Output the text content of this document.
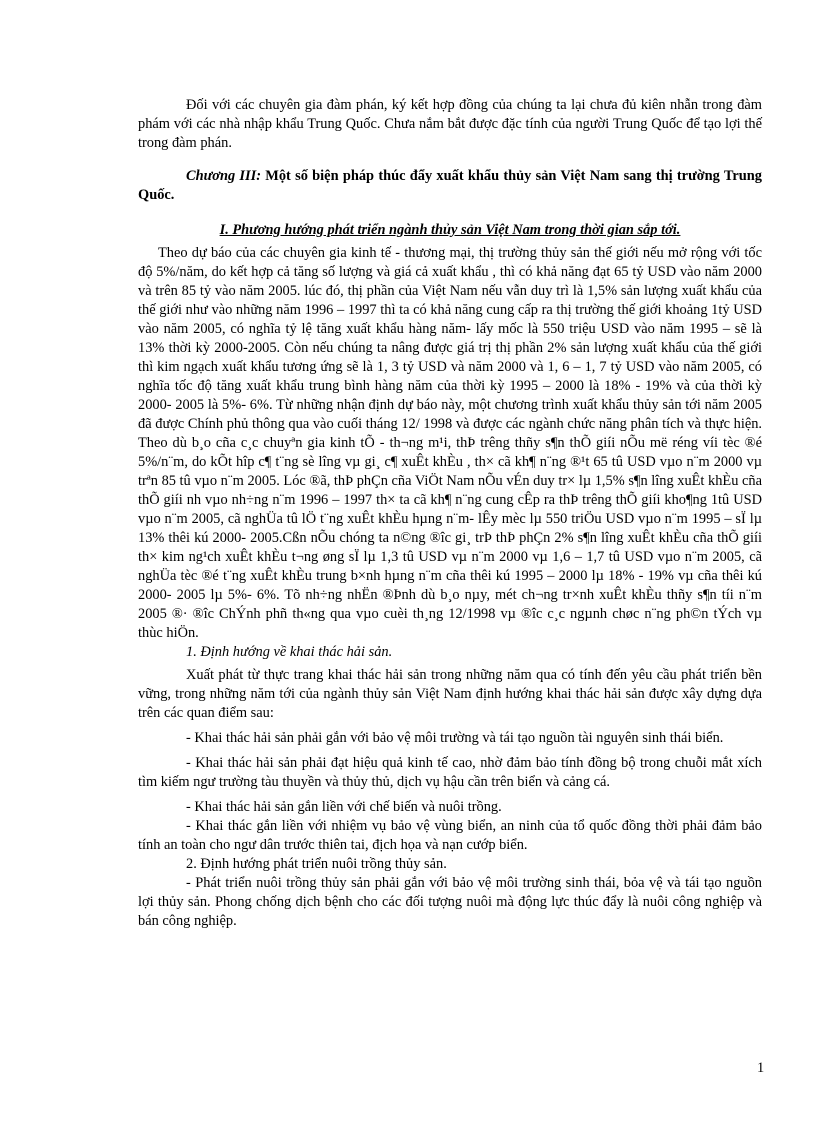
Đối với các chuyên gia đàm phán, ký kết hợp đồng của chúng ta lại chưa đủ kiên nhẫn trong đàm phám với các nhà nhập khẩu Trung Quốc. Chưa nắm bắt được đặc tính của người Trung Quốc để tạo lợi thế trong đàm phán.

Chương III: Một số biện pháp thúc đẩy xuất khẩu thủy sản Việt Nam sang thị trường Trung Quốc.

I. Phương hướng phát triển ngành thủy sản Việt Nam trong thời gian sắp tới.

Theo dự báo của các chuyên gia kinh tế - thương mại, thị trường thủy sản thế giới nếu mở rộng với tốc độ 5%/năm, do kết hợp cả tăng số lượng và giá cả xuất khẩu , thì có khả năng đạt 65 tỷ USD vào năm 2000 và trên 85 tỷ vào năm 2005. lúc đó, thị phần của Việt Nam nếu vẫn duy trì là 1,5% sản lượng xuất khẩu của thế giới như vào những năm 1996 – 1997 thì ta có khả năng cung cấp ra thị trường thế giới khoảng 1tỷ USD vào năm 2005, có nghĩa tỷ lệ tăng xuất khẩu hàng năm- lấy mốc là 550 triệu USD vào năm 1995 – sẽ là 13% thời kỳ 2000-2005. Còn nếu chúng ta nâng được giá trị thị phần 2% sản lượng xuất khẩu của thế giới thì kim ngạch xuất khẩu tương ứng sẽ là 1, 3 tỷ USD và năm 2000 và 1, 6 – 1, 7 tỷ USD vào năm 2005, có nghĩa tốc độ tăng xuất khẩu trung bình hàng năm của thời kỳ 1995 – 2000 là 18% - 19% và của thời kỳ 2000- 2005 là 5%- 6%. Từ những nhận định dự báo này, một chương trình xuất khẩu thủy sản tới năm 2005 đã được Chính phủ thông qua vào cuối tháng 12/ 1998 và được các ngành chức năng phân tích và thực hiện. Theo dù b¸o cña c¸c chuyªn gia kinh tÕ - th¬ng m¹i, thÞ trêng thñy s¶n thÕ giíi nÕu më réng víi tèc ®é 5%/n¨m, do kÕt hîp c¶ t¨ng sè lîng vµ gi¸ c¶ xuÊt khÈu , th× cã kh¶ n¨ng ®¹t 65 tû USD vµo n¨m 2000 vµ trªn 85 tû vµo n¨m 2005. Lóc ®ã, thÞ phÇn cña ViÖt Nam nÕu vÉn duy tr× lµ 1,5% s¶n lîng xuÊt khÈu cña thÕ giíi nh vµo nh÷ng n¨m 1996 – 1997 th× ta cã kh¶ n¨ng cung cÊp ra thÞ trêng thÕ giíi kho¶ng 1tû USD vµo n¨m 2005, cã nghÜa tû lÖ t¨ng xuÊt khÈu hµng n¨m- lÊy mèc lµ 550 triÖu USD vµo n¨m 1995 – sÏ lµ 13% thêi kú 2000- 2005.Cßn nÕu chóng ta n©ng ®îc gi¸ trÞ thÞ phÇn 2% s¶n lîng xuÊt khÈu cña thÕ giíi th× kim ng¹ch xuÊt khÈu t¬ng øng sÏ lµ 1,3 tû USD vµ n¨m 2000 vµ 1,6 – 1,7 tû USD vµo n¨m 2005, cã nghÜa tèc ®é t¨ng xuÊt khÈu trung b×nh hµng n¨m cña thêi kú 1995 – 2000 lµ 18% - 19% vµ cña thêi kú 2000- 2005 lµ 5%- 6%. Tõ nh÷ng nhËn ®Þnh dù b¸o nµy, mét ch¬ng tr×nh xuÊt khÈu thñy s¶n tíi n¨m 2005 ®· ®îc ChÝnh phñ th«ng qua vµo cuèi th¸ng 12/1998 vµ ®îc c¸c ngµnh chøc n¨ng ph©n tÝch vµ thùc hiÖn.

1. Định hướng về khai thác hải sản.

Xuất phát từ thực trang khai thác hải sản trong những năm qua có tính đến yêu cầu phát triển bền vững, trong những năm tới của ngành thủy sản Việt Nam định hướng khai thác hải sản được xây dựng dựa trên các quan điểm sau:

- Khai thác hải sản phải gắn với bảo vệ môi trường và tái tạo nguồn tài nguyên sinh thái biển.

- Khai thác hải sản phải đạt hiệu quả kinh tế cao, nhờ đảm bảo tính đồng bộ trong chuỗi mắt xích tìm kiếm ngư trường tàu thuyền và thủy thủ, dịch vụ hậu cần trên biển và cảng cá.

- Khai thác hải sản gắn liền với chế biến và nuôi trồng.

- Khai thác gắn liền với nhiệm vụ bảo vệ vùng biển, an ninh của tổ quốc đồng thời phải đảm bảo tính an toàn cho ngư dân trước thiên tai, địch họa và nạn cướp biển.

2. Định hướng phát triển nuôi trồng thủy sản.

- Phát triển nuôi trồng thủy sản phải gắn với bảo vệ môi trường sinh thái, bỏa vệ và tái tạo nguồn lợi thủy sản. Phong chống dịch bệnh cho các đối tượng nuôi mà động lực thúc đẩy là nuôi công nghiệp và bán công nghiệp.

1
